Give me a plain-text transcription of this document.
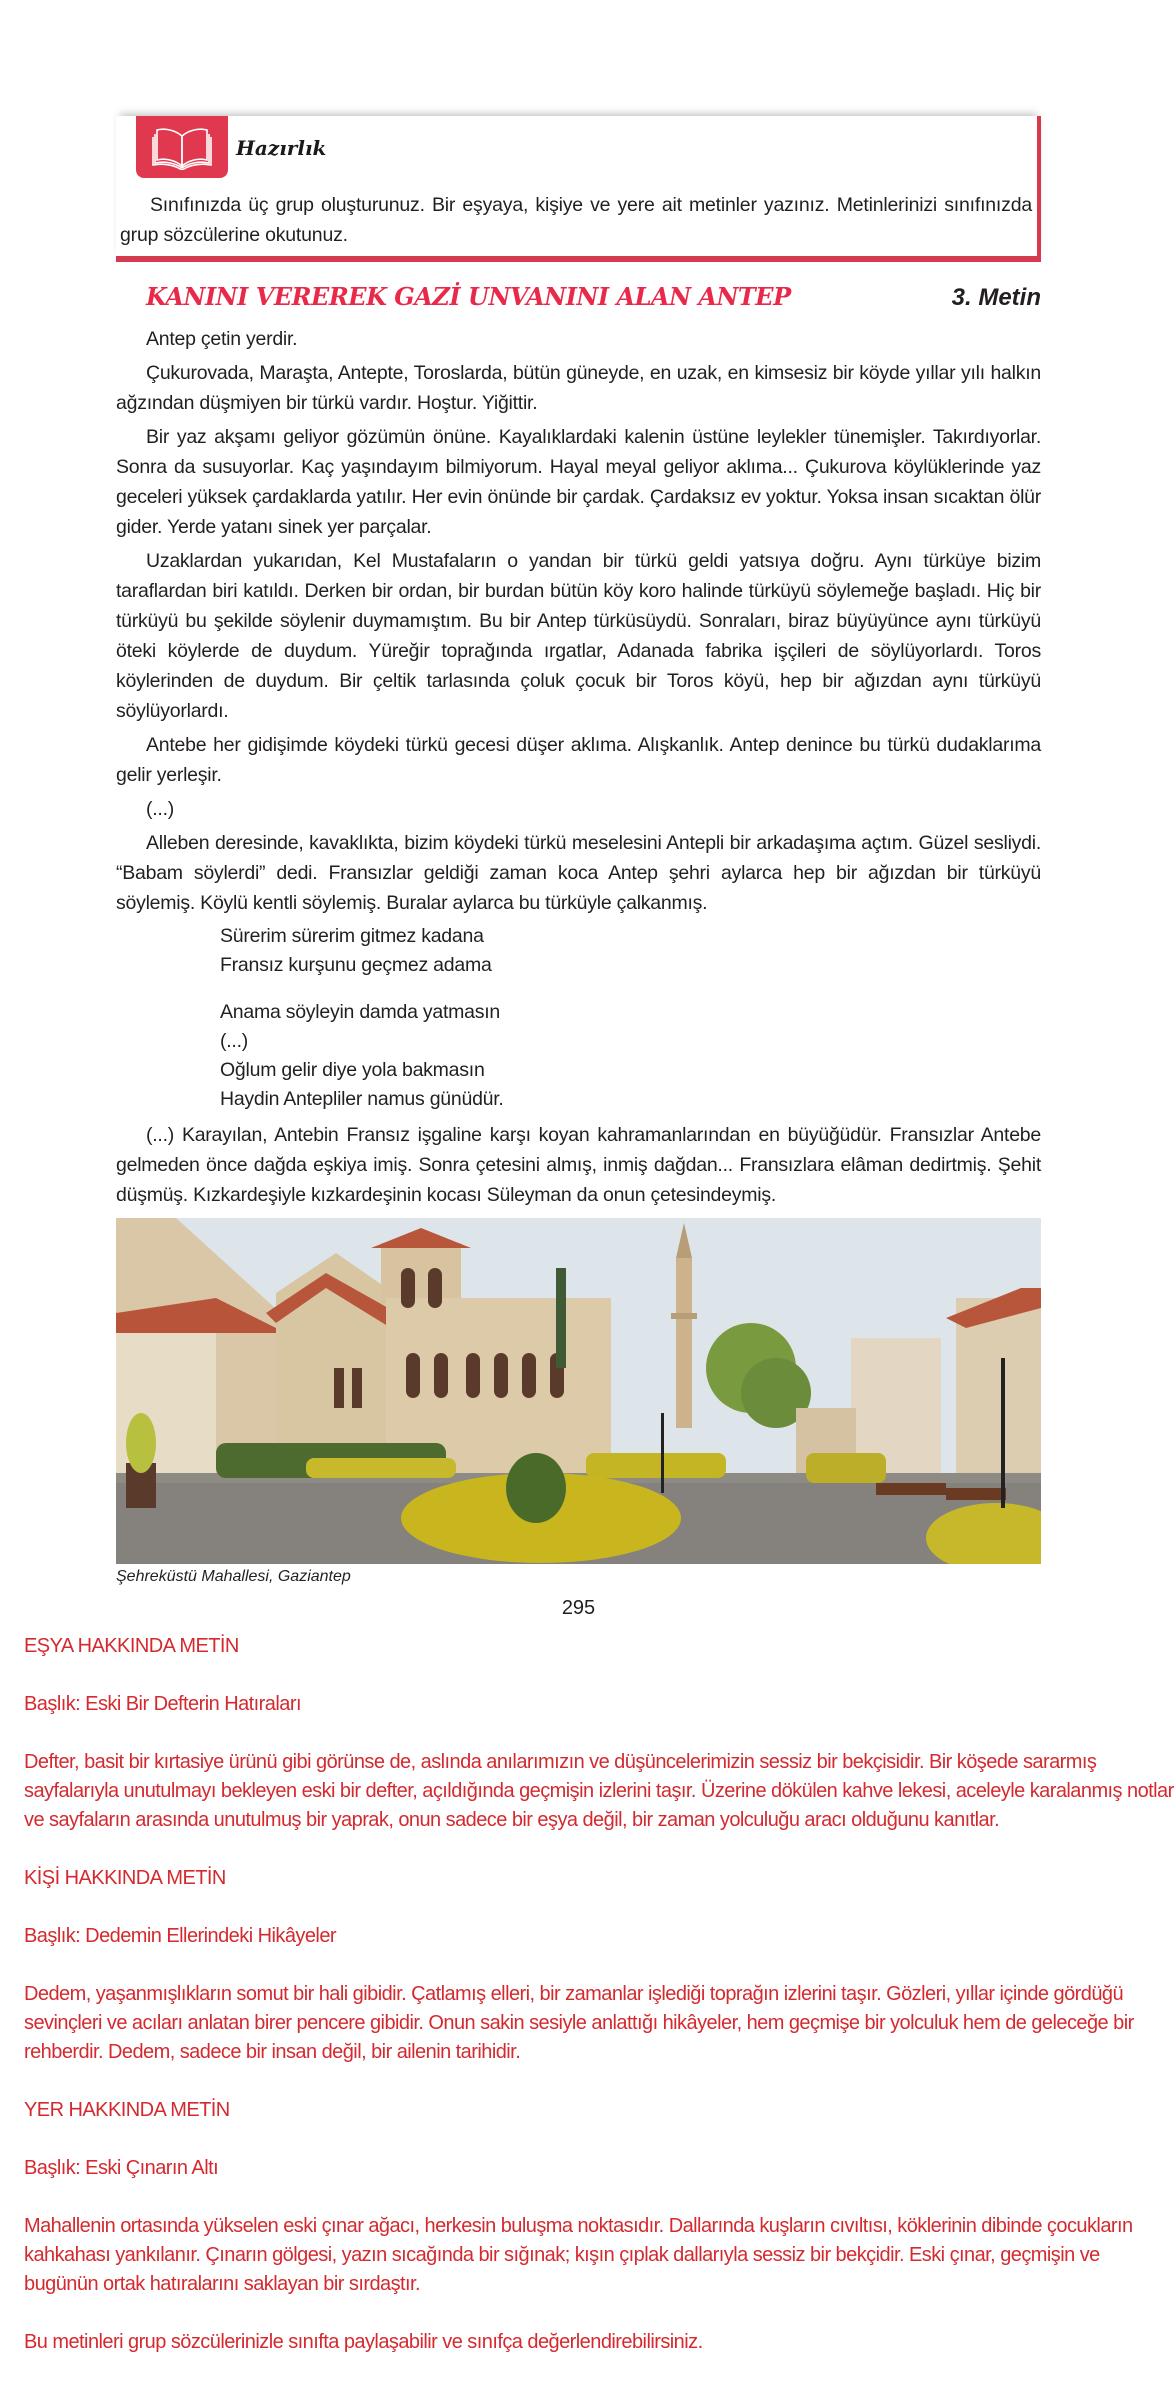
Hazırlık

Sınıfınızda üç grup oluşturunuz. Bir eşyaya, kişiye ve yere ait metinler yazınız. Metinlerinizi sınıfınızda grup sözcülerine okutunuz.

KANINI VEREREK GAZİ UNVANINI ALAN ANTEP	3. Metin

Antep çetin yerdir.

Çukurovada, Maraşta, Antepte, Toroslarda, bütün güneyde, en uzak, en kimsesiz bir köyde yıllar yılı halkın ağzından düşmiyen bir türkü vardır. Hoştur. Yiğittir.

Bir yaz akşamı geliyor gözümün önüne. Kayalıklardaki kalenin üstüne leylekler tünemişler. Takırdıyorlar. Sonra da susuyorlar. Kaç yaşındayım bilmiyorum. Hayal meyal geliyor aklıma... Çukurova köylüklerinde yaz geceleri yüksek çardaklarda yatılır. Her evin önünde bir çardak. Çardaksız ev yoktur. Yoksa insan sıcaktan ölür gider. Yerde yatanı sinek yer parçalar.

Uzaklardan yukarıdan, Kel Mustafaların o yandan bir türkü geldi yatsıya doğru. Aynı türküye bizim taraflardan biri katıldı. Derken bir ordan, bir burdan bütün köy koro halinde türküyü söylemeğe başladı. Hiç bir türküyü bu şekilde söylenir duymamıştım. Bu bir Antep türküsüydü. Sonraları, biraz büyüyünce aynı türküyü öteki köylerde de duydum. Yüreğir toprağında ırgatlar, Adanada fabrika işçileri de söylüyorlardı. Toros köylerinden de duydum. Bir çeltik tarlasında çoluk çocuk bir Toros köyü, hep bir ağızdan aynı türküyü söylüyorlardı.

Antebe her gidişimde köydeki türkü gecesi düşer aklıma. Alışkanlık. Antep denince bu türkü dudaklarıma gelir yerleşir.

(...)

Alleben deresinde, kavaklıkta, bizim köydeki türkü meselesini Antepli bir arkadaşıma açtım. Güzel sesliydi. “Babam söylerdi” dedi. Fransızlar geldiği zaman koca Antep şehri aylarca hep bir ağızdan bir türküyü söylemiş. Köylü kentli söylemiş. Buralar aylarca bu türküyle çalkanmış.

Sürerim sürerim gitmez kadana
Fransız kurşunu geçmez adama
Anama söyleyin damda yatmasın
(...)
Oğlum gelir diye yola bakmasın
Haydin Antepliler namus günüdür.

(...) Karayılan, Antebin Fransız işgaline karşı koyan kahramanlarından en büyüğüdür. Fransızlar Antebe gelmeden önce dağda eşkiya imiş. Sonra çetesini almış, inmiş dağdan... Fransızlara elâman dedirtmiş. Şehit düşmüş. Kızkardeşiyle kızkardeşinin kocası Süleyman da onun çetesindeymiş.

Şehreküstü Mahallesi, Gaziantep
295
EŞYA HAKKINDA METİN
Başlık: Eski Bir Defterin Hatıraları
Defter, basit bir kırtasiye ürünü gibi görünse de, aslında anılarımızın ve düşüncelerimizin sessiz bir bekçisidir. Bir köşede sararmış sayfalarıyla unutulmayı bekleyen eski bir defter, açıldığında geçmişin izlerini taşır. Üzerine dökülen kahve lekesi, aceleyle karalanmış notlar ve sayfaların arasında unutulmuş bir yaprak, onun sadece bir eşya değil, bir zaman yolculuğu aracı olduğunu kanıtlar.
KİŞİ HAKKINDA METİN
Başlık: Dedemin Ellerindeki Hikâyeler
Dedem, yaşanmışlıkların somut bir hali gibidir. Çatlamış elleri, bir zamanlar işlediği toprağın izlerini taşır. Gözleri, yıllar içinde gördüğü sevinçleri ve acıları anlatan birer pencere gibidir. Onun sakin sesiyle anlattığı hikâyeler, hem geçmişe bir yolculuk hem de geleceğe bir rehberdir. Dedem, sadece bir insan değil, bir ailenin tarihidir.
YER HAKKINDA METİN
Başlık: Eski Çınarın Altı
Mahallenin ortasında yükselen eski çınar ağacı, herkesin buluşma noktasıdır. Dallarında kuşların cıvıltısı, köklerinin dibinde çocukların kahkahası yankılanır. Çınarın gölgesi, yazın sıcağında bir sığınak; kışın çıplak dallarıyla sessiz bir bekçidir. Eski çınar, geçmişin ve bugünün ortak hatıralarını saklayan bir sırdaştır.
Bu metinleri grup sözcülerinizle sınıfta paylaşabilir ve sınıfça değerlendirebilirsiniz.
